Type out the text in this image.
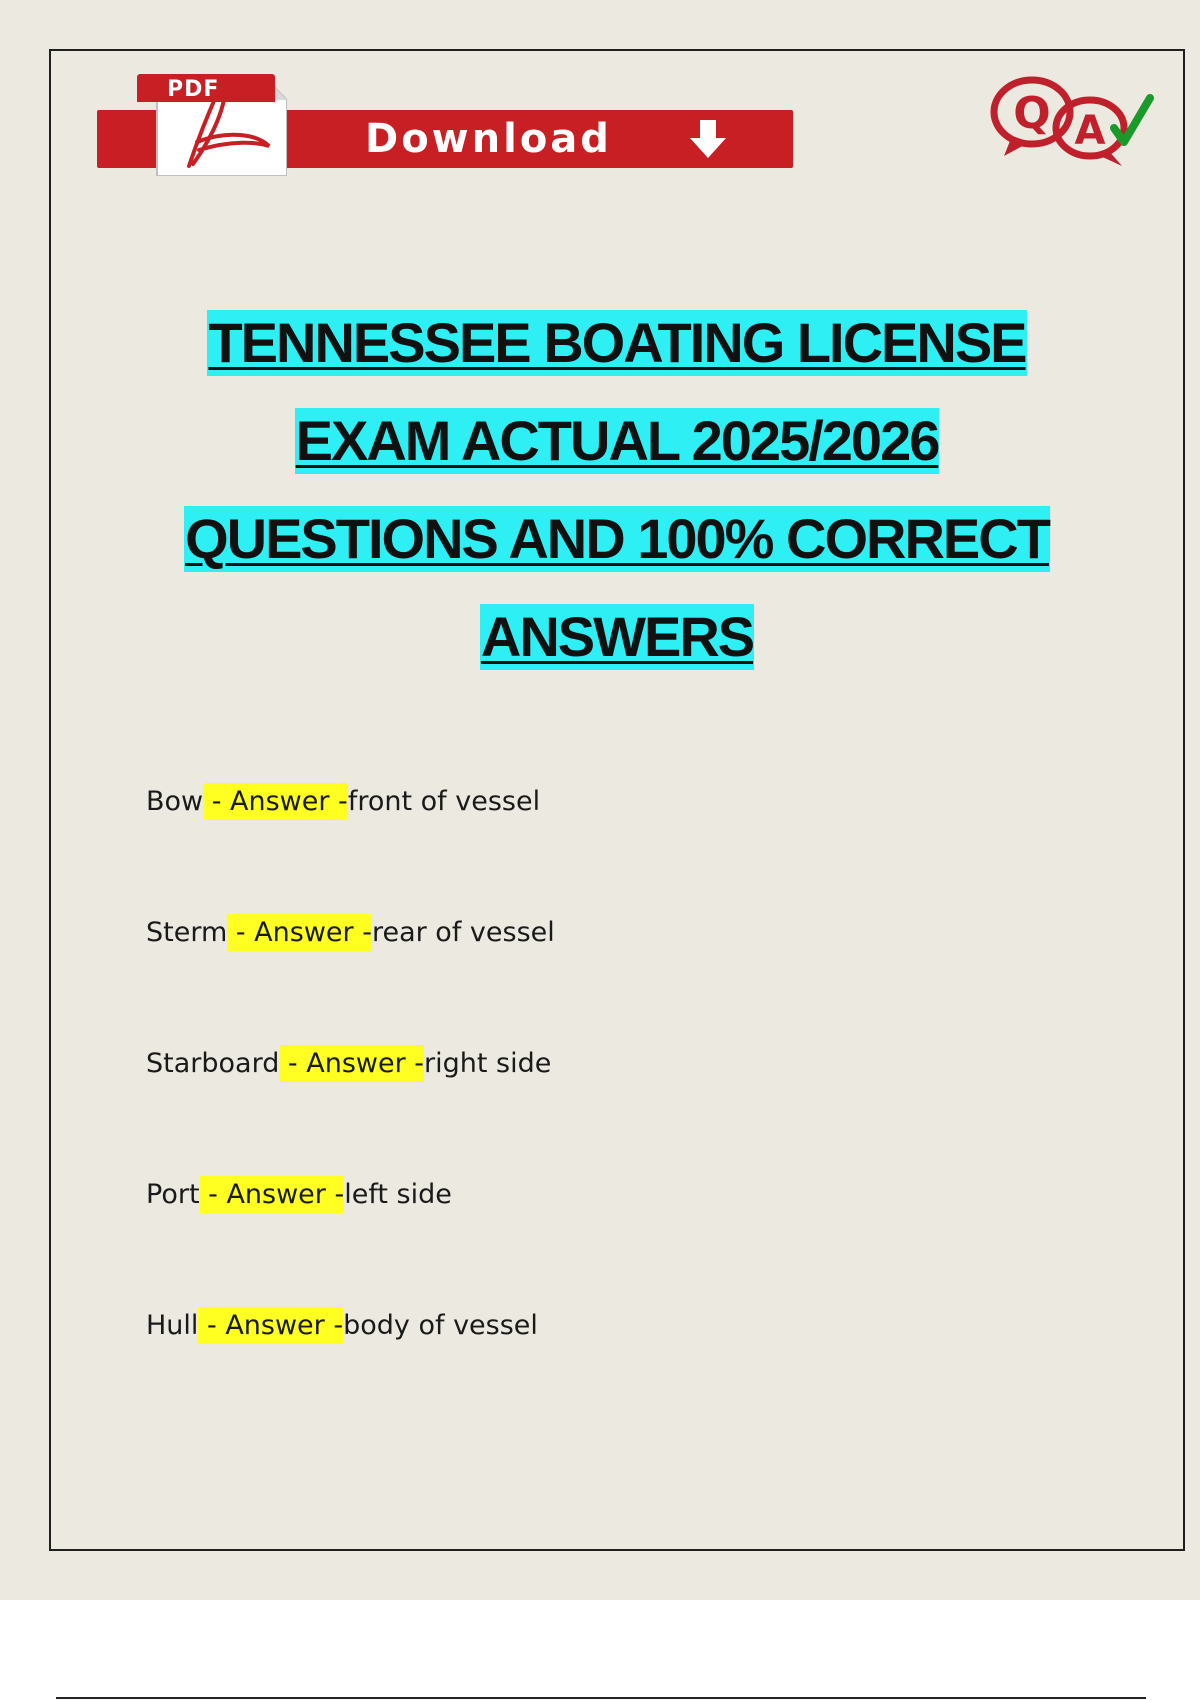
Download
PDF	Q A
TENNESSEE BOATING LICENSE
EXAM ACTUAL 2025/2026
QUESTIONS AND 100% CORRECT
ANSWERS
Bow - Answer -front of vessel
Sterm - Answer -rear of vessel
Starboard - Answer -right side
Port - Answer -left side
Hull - Answer -body of vessel
